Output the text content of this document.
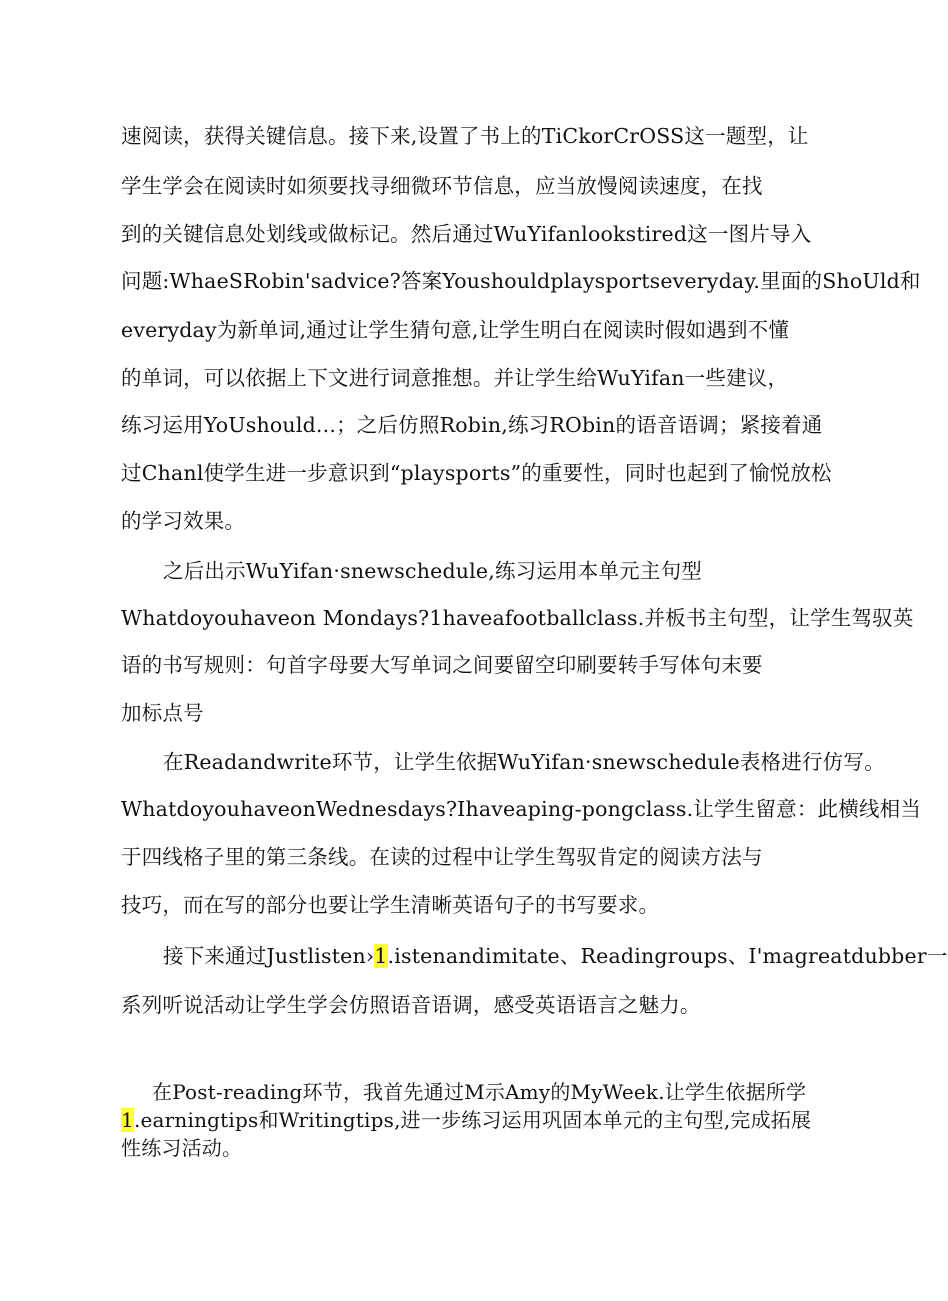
速阅读，获得关键信息。接下来,设置了书上的TiCkorCrOSS这一题型，让
学生学会在阅读时如须要找寻细微环节信息，应当放慢阅读速度，在找
到的关键信息处划线或做标记。然后通过WuYifanlookstired这一图片导入
问题:WhaeSRobin'sadvice?答案Youshouldplaysportseveryday.里面的ShoUld和
everyday为新单词,通过让学生猜句意,让学生明白在阅读时假如遇到不懂
的单词，可以依据上下文进行词意推想。并让学生给WuYifan一些建议，
练习运用YoUshould...；之后仿照Robin,练习RObin的语音语调；紧接着通
过Chanl使学生进一步意识到“playsports”的重要性，同时也起到了愉悦放松
的学习效果。
之后出示WuYifan·snewschedule,练习运用本单元主句型
Whatdoyouhaveon Mondays?1haveafootballclass.并板书主句型，让学生驾驭英
语的书写规则：句首字母要大写单词之间要留空印刷要转手写体句末要
加标点号
在Readandwrite环节，让学生依据WuYifan·snewschedule表格进行仿写。
WhatdoyouhaveonWednesdays?Ihaveaping-pongclass.让学生留意：此横线相当
于四线格子里的第三条线。在读的过程中让学生驾驭肯定的阅读方法与
技巧，而在写的部分也要让学生清晰英语句子的书写要求。
接下来通过Justlisten›1.istenandimitate、Readingroups、I'magreatdubber一
系列听说活动让学生学会仿照语音语调，感受英语语言之魅力。
在Post-reading环节，我首先通过M示Amy的MyWeek.让学生依据所学
1.earningtips和Writingtips,进一步练习运用巩固本单元的主句型,完成拓展
性练习活动。
